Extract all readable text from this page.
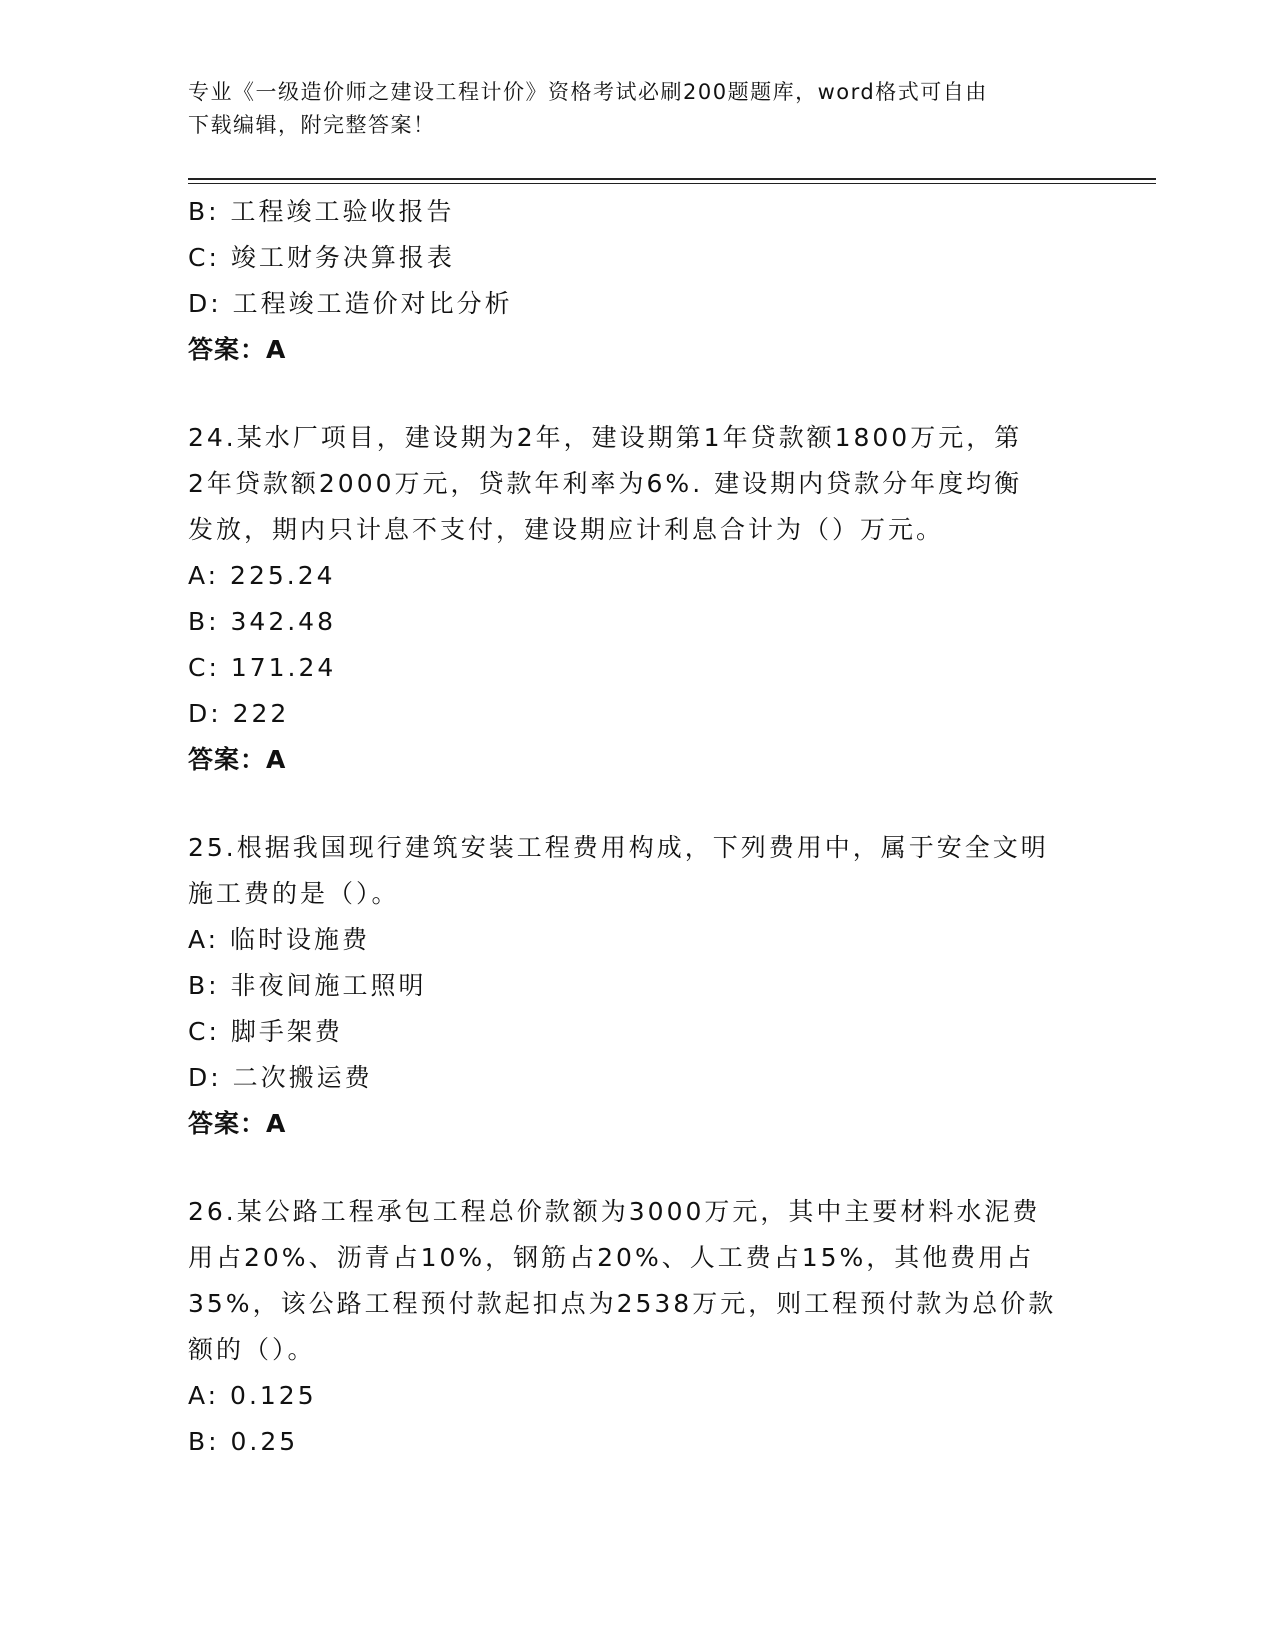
专业《一级造价师之建设工程计价》资格考试必刷200题题库，word格式可自由
下载编辑，附完整答案！
B: 工程竣工验收报告
C: 竣工财务决算报表
D: 工程竣工造价对比分析
答案：A
24.某水厂项目，建设期为2年，建设期第1年贷款额1800万元，第
2年贷款额2000万元，贷款年利率为6%. 建设期内贷款分年度均衡
发放，期内只计息不支付，建设期应计利息合计为（）万元。
A: 225.24
B: 342.48
C: 171.24
D: 222
答案：A
25.根据我国现行建筑安装工程费用构成，下列费用中，属于安全文明
施工费的是（）。
A: 临时设施费
B: 非夜间施工照明
C: 脚手架费
D: 二次搬运费
答案：A
26.某公路工程承包工程总价款额为3000万元，其中主要材料水泥费
用占20%、沥青占10%，钢筋占20%、人工费占15%，其他费用占
35%，该公路工程预付款起扣点为2538万元，则工程预付款为总价款
额的（）。
A: 0.125
B: 0.25
